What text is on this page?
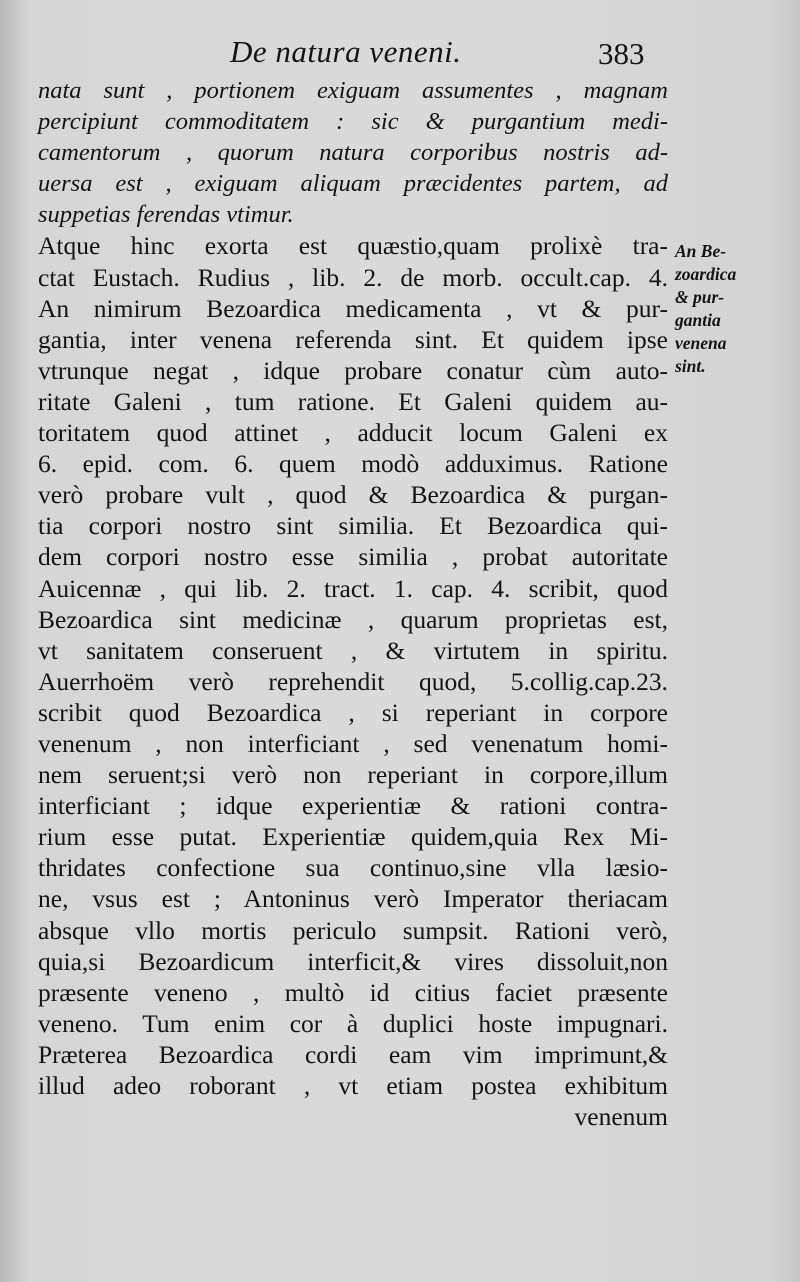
De natura veneni.	383
nata sunt , portionem exiguam assumentes , magnam
percipiunt commoditatem : sic & purgantium medi-
camentorum , quorum natura corporibus nostris ad-
uersa est , exiguam aliquam præcidentes partem, ad
suppetias ferendas vtimur.
Atque hinc exorta est quæstio,quam prolixè tra-
ctat Eustach. Rudius , lib. 2. de morb. occult.cap. 4.
An nimirum Bezoardica medicamenta , vt & pur-
gantia, inter venena referenda sint. Et quidem ipse
vtrunque negat , idque probare conatur cùm auto-
ritate Galeni , tum ratione. Et Galeni quidem au-
toritatem quod attinet , adducit locum Galeni ex
6. epid. com. 6. quem modò adduximus. Ratione
verò probare vult , quod & Bezoardica & purgan-
tia corpori nostro sint similia. Et Bezoardica qui-
dem corpori nostro esse similia , probat autoritate
Auicennæ , qui lib. 2. tract. 1. cap. 4. scribit, quod
Bezoardica sint medicinæ , quarum proprietas est,
vt sanitatem conseruent , & virtutem in spiritu.
Auerrhoëm verò reprehendit quod, 5.collig.cap.23.
scribit quod Bezoardica , si reperiant in corpore
venenum , non interficiant , sed venenatum homi-
nem seruent;si verò non reperiant in corpore,illum
interficiant ; idque experientiæ & rationi contra-
rium esse putat. Experientiæ quidem,quia Rex Mi-
thridates confectione sua continuo,sine vlla læsio-
ne, vsus est ; Antoninus verò Imperator theriacam
absque vllo mortis periculo sumpsit. Rationi verò,
quia,si Bezoardicum interficit,& vires dissoluit,non
præsente veneno , multò id citius faciet præsente
veneno. Tum enim cor à duplici hoste impugnari.
Præterea Bezoardica cordi eam vim imprimunt,&
illud adeo roborant , vt etiam postea exhibitum
venenum
An Be-
zoardica
& pur-
gantia
venena
sint.
